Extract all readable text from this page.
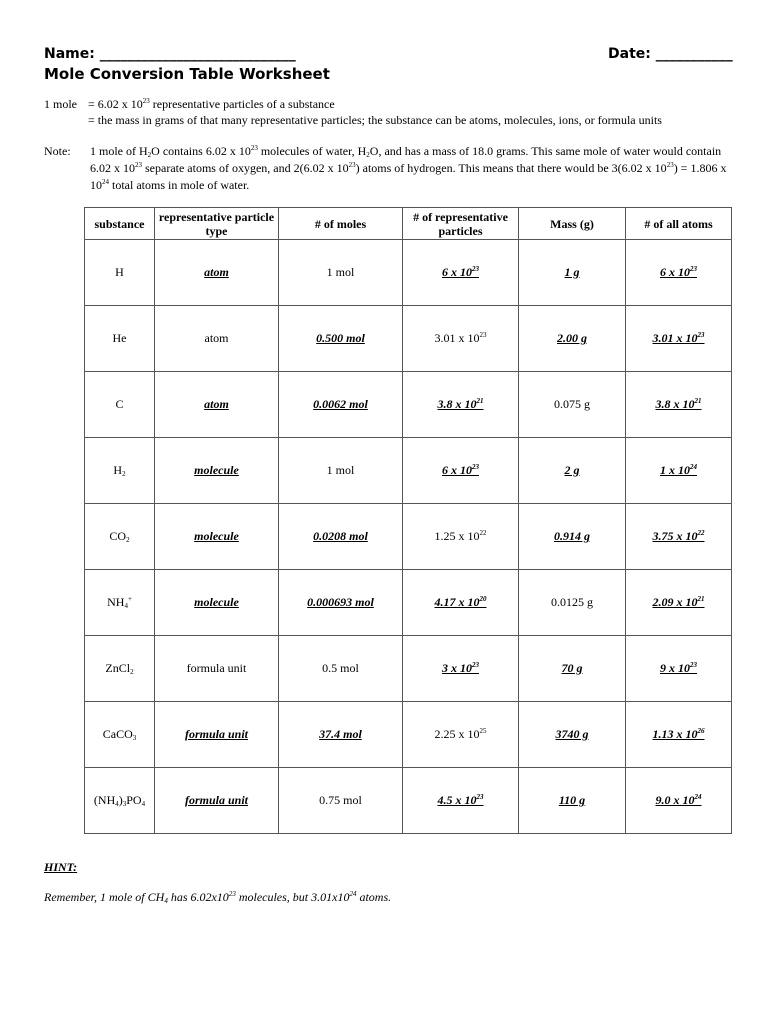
Name: ____________________________	Date: ___________
Mole Conversion Table Worksheet
1 mole = 6.02 x $10^{23}$ representative particles of a substance
= the mass in grams of that many representative particles; the substance can be atoms, molecules, ions, or formula units
Note: 1 mole of $H_2O$ contains 6.02 x $10^{23}$ molecules of water, $H_2O$, and has a mass of 18.0 grams. This same mole of water would contain 6.02 x $10^{23}$ separate atoms of oxygen, and 2(6.02 x $10^{23}$) atoms of hydrogen. This means that there would be 3(6.02 x $10^{23}) = 1.806$ x $10^{24}$ total atoms in mole of water.
substance	representative particle type	# of moles	# of representative particles	Mass (g)	# of all atoms
H	atom	1 mol	6 x $10^{23}$	1 g	6 x $10^{23}$
He	atom	0.500 mol	3.01 x $10^{23}$	2.00 g	3.01 x $10^{23}$
C	atom	0.0062 mol	3.8 x $10^{21}$	0.075 g	3.8 x $10^{21}$
$H_2$	molecule	1 mol	6 x $10^{23}$	2 g	1 x $10^{24}$
$CO_2$	molecule	0.0208 mol	1.25 x $10^{22}$	0.914 g	3.75 x $10^{22}$
$NH_4^+$	molecule	0.000693 mol	4.17 x $10^{20}$	0.0125 g	2.09 x $10^{21}$
ZnCl$_2$	formula unit	0.5 mol	3 x $10^{23}$	70 g	9 x $10^{23}$
CaCO$_3$	formula unit	37.4 mol	2.25 x $10^{25}$	3740 g	1.13 x $10^{26}$
$(NH_4)_3PO_4$	formula unit	0.75 mol	4.5 x $10^{23}$	110 g	9.0 x $10^{24}$
HINT:
Remember, 1 mole of $CH_4$ has $6.02x10^{23}$ molecules, but $3.01x10^{24}$ atoms.
